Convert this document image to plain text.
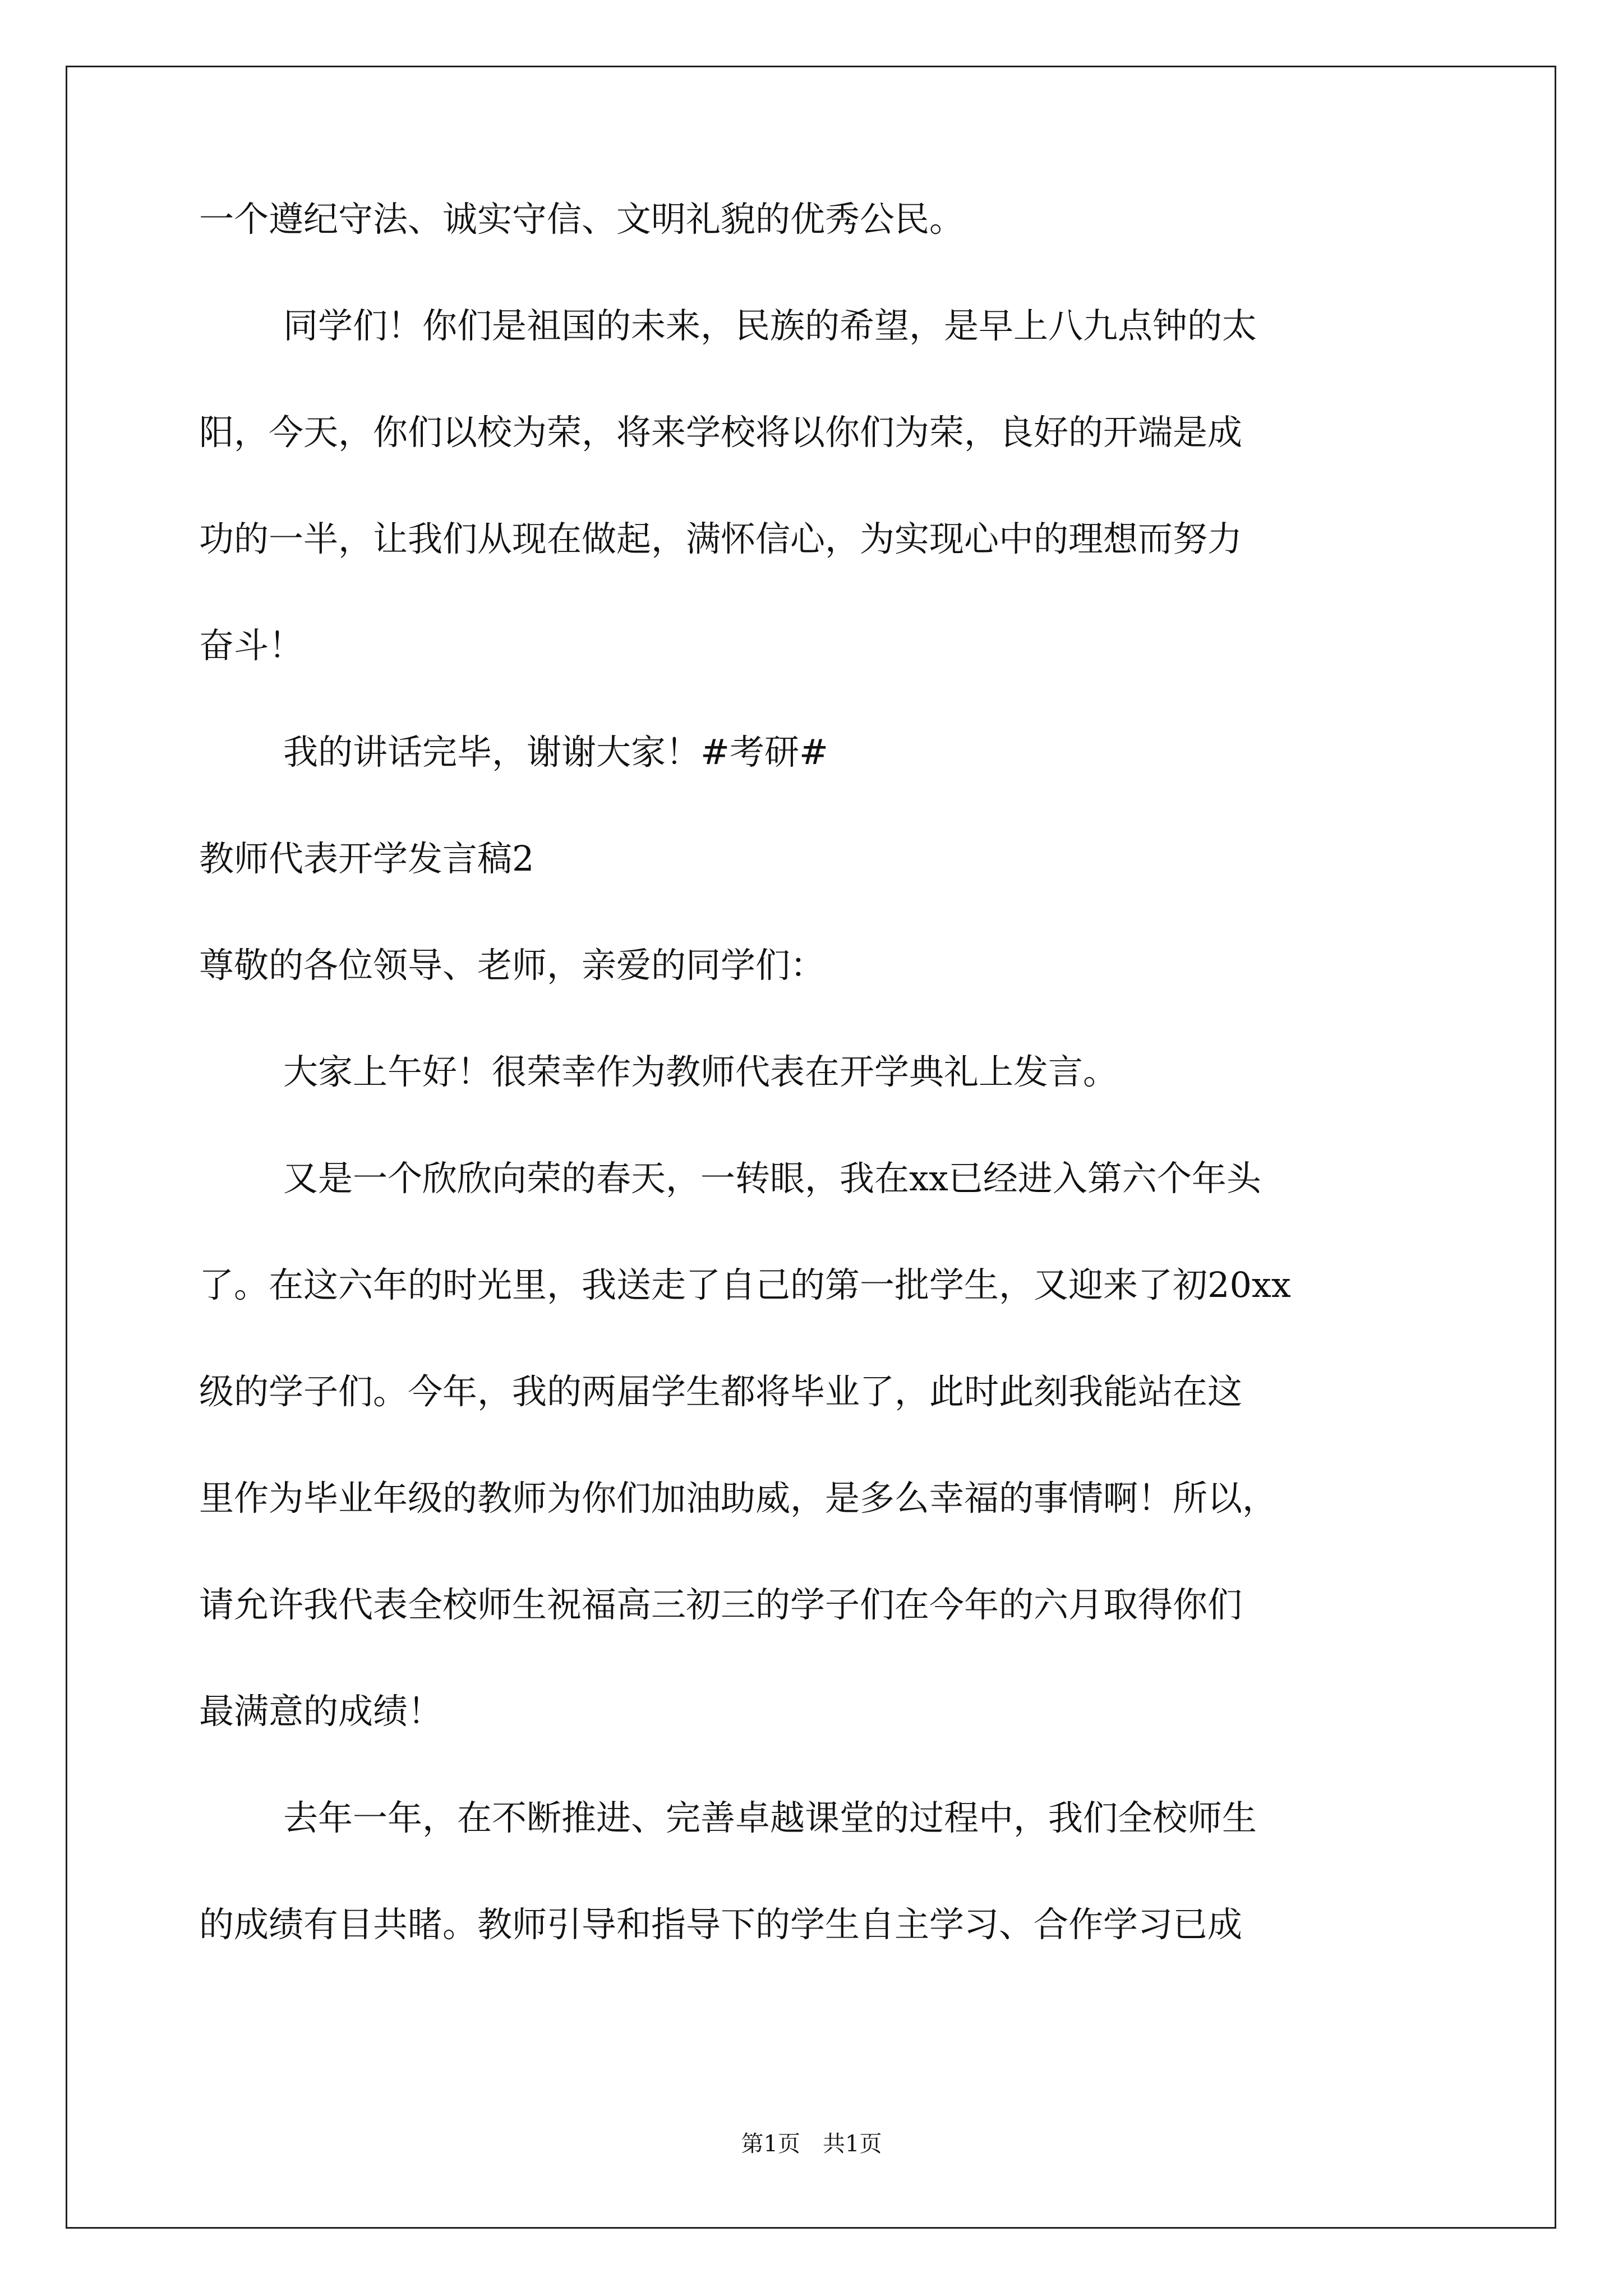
一个遵纪守法、诚实守信、文明礼貌的优秀公民。
同学们！你们是祖国的未来，民族的希望，是早上八九点钟的太
阳，今天，你们以校为荣，将来学校将以你们为荣，良好的开端是成
功的一半，让我们从现在做起，满怀信心，为实现心中的理想而努力
奋斗！
我的讲话完毕，谢谢大家！#考研#
教师代表开学发言稿2
尊敬的各位领导、老师，亲爱的同学们：
大家上午好！很荣幸作为教师代表在开学典礼上发言。
又是一个欣欣向荣的春天，一转眼，我在xx已经进入第六个年头
了。在这六年的时光里，我送走了自己的第一批学生，又迎来了初20xx
级的学子们。今年，我的两届学生都将毕业了，此时此刻我能站在这
里作为毕业年级的教师为你们加油助威，是多么幸福的事情啊！所以，
请允许我代表全校师生祝福高三初三的学子们在今年的六月取得你们
最满意的成绩！
去年一年，在不断推进、完善卓越课堂的过程中，我们全校师生
的成绩有目共睹。教师引导和指导下的学生自主学习、合作学习已成
第1页 共1页
